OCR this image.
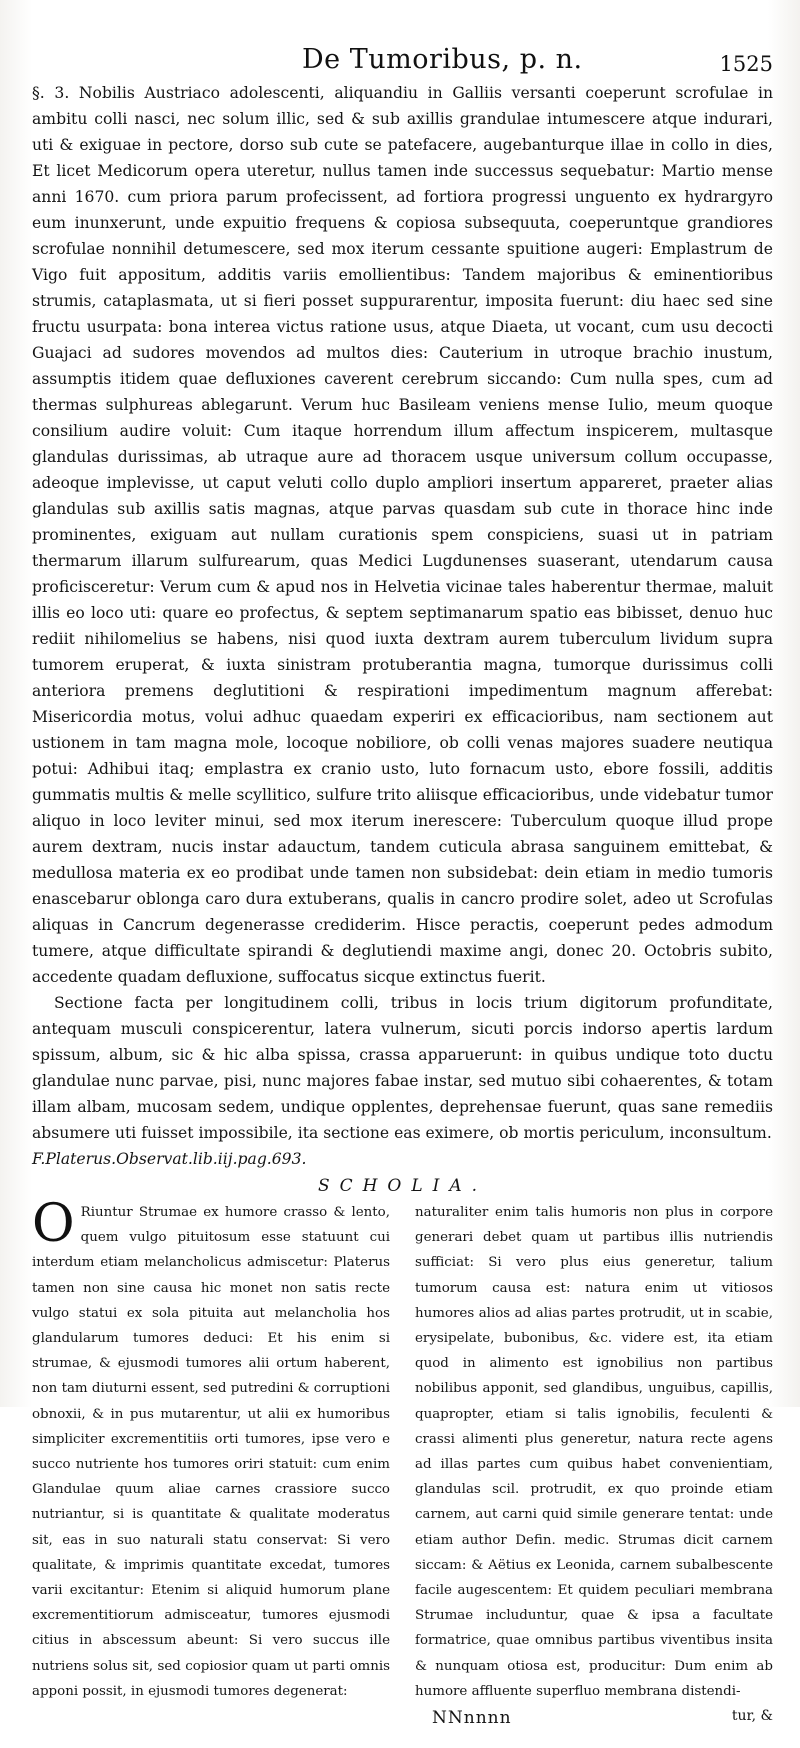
De Tumoribus, p. n.	1525

§. 3. Nobilis Austriaco adolescenti, aliquandiu in Galliis versanti coeperunt scrofulae in ambitu colli nasci, nec solum illic, sed & sub axillis grandulae intumescere atque indurari, uti & exiguae in pectore, dorso sub cute se patefacere, augebanturque illae in collo in dies, Et licet Medicorum opera uteretur, nullus tamen inde successus sequebatur: Martio mense anni 1670. cum priora parum profecissent, ad fortiora progressi unguento ex hydrargyro eum inunxerunt, unde expuitio frequens & copiosa subsequuta, coeperuntque grandiores scrofulae nonnihil detumescere, sed mox iterum cessante spuitione augeri: Emplastrum de Vigo fuit appositum, additis variis emollientibus: Tandem majoribus & eminentioribus strumis, cataplasmata, ut si fieri posset suppurarentur, imposita fuerunt: diu haec sed sine fructu usurpata: bona interea victus ratione usus, atque Diaeta, ut vocant, cum usu decocti Guajaci ad sudores movendos ad multos dies: Cauterium in utroque brachio inustum, assumptis itidem quae defluxiones caverent cerebrum siccando: Cum nulla spes, cum ad thermas sulphureas ablegarunt. Verum huc Basileam veniens mense Iulio, meum quoque consilium audire voluit: Cum itaque horrendum illum affectum inspicerem, multasque glandulas durissimas, ab utraque aure ad thoracem usque universum collum occupasse, adeoque implevisse, ut caput veluti collo duplo ampliori insertum appareret, praeter alias glandulas sub axillis satis magnas, atque parvas quasdam sub cute in thorace hinc inde prominentes, exiguam aut nullam curationis spem conspiciens, suasi ut in patriam thermarum illarum sulfurearum, quas Medici Lugdunenses suaserant, utendarum causa proficisceretur: Verum cum & apud nos in Helvetia vicinae tales haberentur thermae, maluit illis eo loco uti: quare eo profectus, & septem septimanarum spatio eas bibisset, denuo huc rediit nihilomelius se habens, nisi quod iuxta dextram aurem tuberculum lividum supra tumorem eruperat, & iuxta sinistram protuberantia magna, tumorque durissimus colli anteriora premens deglutitioni & respirationi impedimentum magnum afferebat: Misericordia motus, volui adhuc quaedam experiri ex efficacioribus, nam sectionem aut ustionem in tam magna mole, locoque nobiliore, ob colli venas majores suadere neutiqua potui: Adhibui itaq; emplastra ex cranio usto, luto fornacum usto, ebore fossili, additis gummatis multis & melle scyllitico, sulfure trito aliisque efficacioribus, unde videbatur tumor aliquo in loco leviter minui, sed mox iterum inerescere: Tuberculum quoque illud prope aurem dextram, nucis instar adauctum, tandem cuticula abrasa sanguinem emittebat, & medullosa materia ex eo prodibat unde tamen non subsidebat: dein etiam in medio tumoris enascebarur oblonga caro dura extuberans, qualis in cancro prodire solet, adeo ut Scrofulas aliquas in Cancrum degenerasse crediderim. Hisce peractis, coeperunt pedes admodum tumere, atque difficultate spirandi & deglutiendi maxime angi, donec 20. Octobris subito, accedente quadam defluxione, suffocatus sicque extinctus fuerit.

Sectione facta per longitudinem colli, tribus in locis trium digitorum profunditate, antequam musculi conspicerentur, latera vulnerum, sicuti porcis indorso apertis lardum spissum, album, sic & hic alba spissa, crassa apparuerunt: in quibus undique toto ductu glandulae nunc parvae, pisi, nunc majores fabae instar, sed mutuo sibi cohaerentes, & totam illam albam, mucosam sedem, undique opplentes, deprehensae fuerunt, quas sane remediis absumere uti fuisset impossibile, ita sectione eas eximere, ob mortis periculum, inconsultum.

F.Platerus.Observat.lib.iij.pag.693.

SCHOLIA.
O Riuntur Strumae ex humore crasso & lento, quem vulgo pituitosum esse statuunt cui interdum etiam melancholicus admiscetur: Platerus tamen non sine causa hic monet non satis recte vulgo statui ex sola pituita aut melancholia hos glandularum tumores deduci: Et his enim si strumae, & ejusmodi tumores alii ortum haberent, non tam diuturni essent, sed putredini & corruptioni obnoxii, & in pus mutarentur, ut alii ex humoribus simpliciter excrementitiis orti tumores, ipse vero e succo nutriente hos tumores oriri statuit: cum enim Glandulae quum aliae carnes crassiore succo nutriantur, si is quantitate & qualitate moderatus sit, eas in suo naturali statu conservat: Si vero qualitate, & imprimis quantitate excedat, tumores varii excitantur: Etenim si aliquid humorum plane excrementitiorum admisceatur, tumores ejusmodi citius in abscessum abeunt: Si vero succus ille nutriens solus sit, sed copiosior quam ut parti omnis apponi possit, in ejusmodi tumores degenerat:

naturaliter enim talis humoris non plus in corpore generari debet quam ut partibus illis nutriendis sufficiat: Si vero plus eius generetur, talium tumorum causa est: natura enim ut vitiosos humores alios ad alias partes protrudit, ut in scabie, erysipelate, bubonibus, &c. videre est, ita etiam quod in alimento est ignobilius non partibus nobilibus apponit, sed glandibus, unguibus, capillis, quapropter, etiam si talis ignobilis, feculenti & crassi alimenti plus generetur, natura recte agens ad illas partes cum quibus habet convenientiam, glandulas scil. protrudit, ex quo proinde etiam carnem, aut carni quid simile generare tentat: unde etiam author Defin. medic. Strumas dicit carnem siccam: & Aëtius ex Leonida, carnem subalbescente facile augescentem: Et quidem peculiari membrana Strumae includuntur, quae & ipsa a facultate formatrice, quae omnibus partibus viventibus insita & nunquam otiosa est, producitur: Dum enim ab humore affluente superfluo membrana distendi-

NNnnnn	tur, &
